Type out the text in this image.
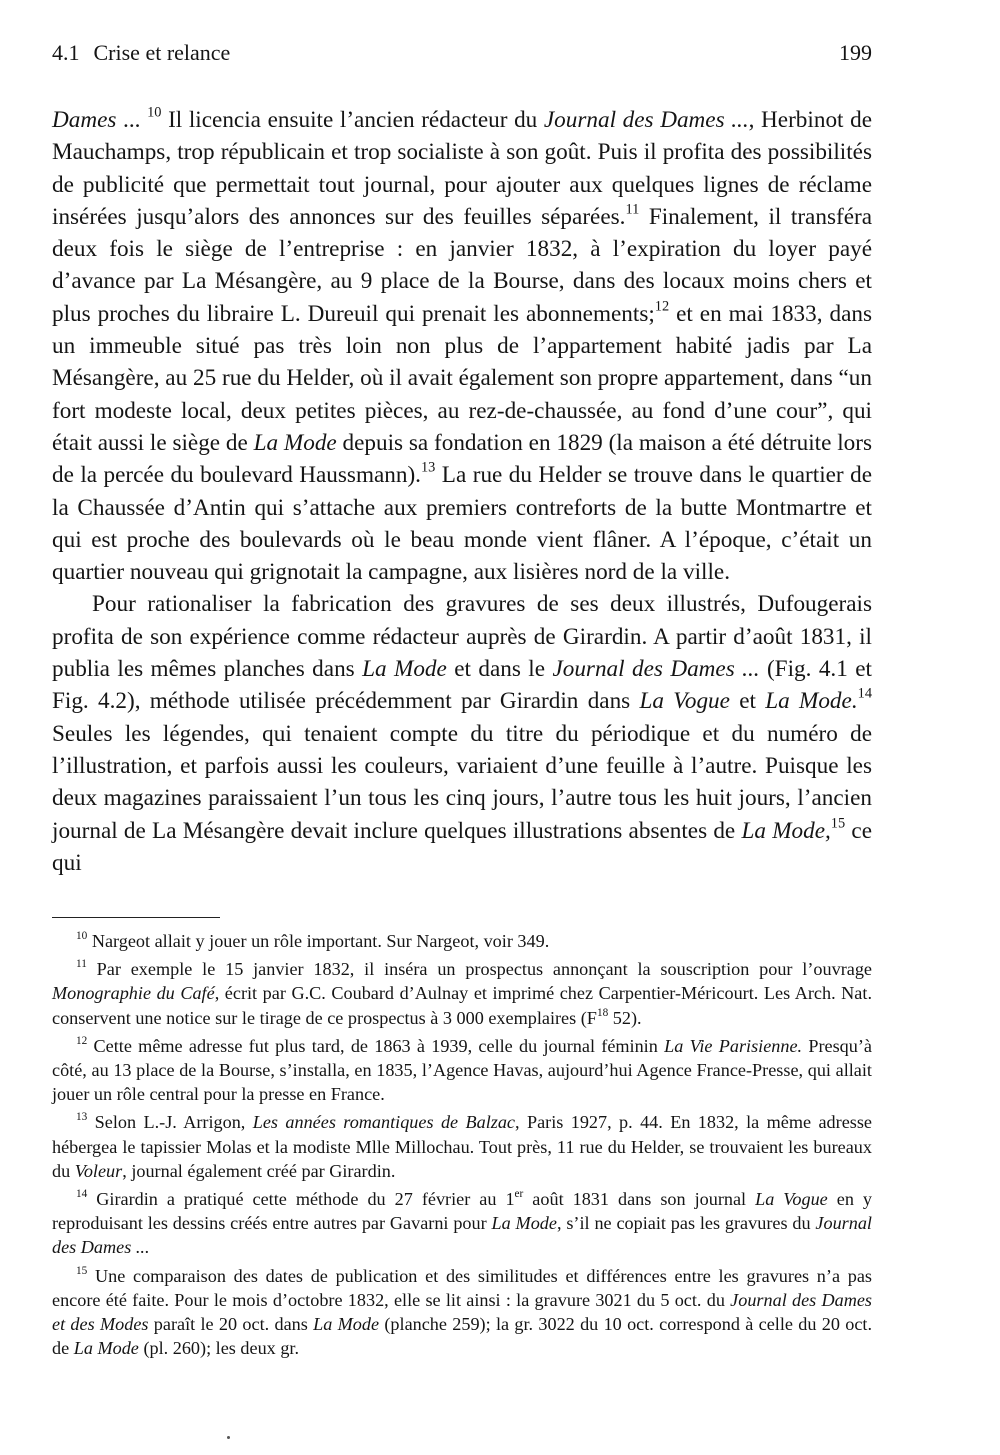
4.1 Crise et relance	199

Dames ... $^{10}$ Il licencia ensuite l’ancien rédacteur du Journal des Dames ..., Herbinot de Mauchamps, trop républicain et trop socialiste à son goût. Puis il profita des possibilités de publicité que permettait tout journal, pour ajouter aux quelques lignes de réclame insérées jusqu’alors des annonces sur des feuilles séparées.$^{11}$ Finalement, il transféra deux fois le siège de l’entreprise : en janvier 1832, à l’expiration du loyer payé d’avance par La Mésangère, au 9 place de la Bourse, dans des locaux moins chers et plus proches du libraire L. Dureuil qui prenait les abonnements;$^{12}$ et en mai 1833, dans un immeuble situé pas très loin non plus de l’appartement habité jadis par La Mésangère, au 25 rue du Helder, où il avait également son propre appartement, dans “un fort modeste local, deux petites pièces, au rez-de-chaussée, au fond d’une cour”, qui était aussi le siège de La Mode depuis sa fondation en 1829 (la maison a été détruite lors de la percée du boulevard Haussmann).$^{13}$ La rue du Helder se trouve dans le quartier de la Chaussée d’Antin qui s’attache aux premiers contreforts de la butte Montmartre et qui est proche des boulevards où le beau monde vient flâner. A l’époque, c’était un quartier nouveau qui grignotait la campagne, aux lisières nord de la ville.

Pour rationaliser la fabrication des gravures de ses deux illustrés, Dufougerais profita de son expérience comme rédacteur auprès de Girardin. A partir d’août 1831, il publia les mêmes planches dans La Mode et dans le Journal des Dames ... (Fig. 4.1 et Fig. 4.2), méthode utilisée précédemment par Girardin dans La Vogue et La Mode.$^{14}$ Seules les légendes, qui tenaient compte du titre du périodique et du numéro de l’illustration, et parfois aussi les couleurs, variaient d’une feuille à l’autre. Puisque les deux magazines paraissaient l’un tous les cinq jours, l’autre tous les huit jours, l’ancien journal de La Mésangère devait inclure quelques illustrations absentes de La Mode,$^{15}$ ce qui

$^{10}$ Nargeot allait y jouer un rôle important. Sur Nargeot, voir 349.

$^{11}$ Par exemple le 15 janvier 1832, il inséra un prospectus annonçant la souscription pour l’ouvrage Monographie du Café, écrit par G.C. Coubard d’Aulnay et imprimé chez Carpentier-Méricourt. Les Arch. Nat. conservent une notice sur le tirage de ce prospectus à 3 000 exemplaires ($F^{18}$ 52).

$^{12}$ Cette même adresse fut plus tard, de 1863 à 1939, celle du journal féminin La Vie Parisienne. Presqu’à côté, au 13 place de la Bourse, s’installa, en 1835, l’Agence Havas, aujourd’hui Agence France-Presse, qui allait jouer un rôle central pour la presse en France.

$^{13}$ Selon L.-J. Arrigon, Les années romantiques de Balzac, Paris 1927, p. 44. En 1832, la même adresse hébergea le tapissier Molas et la modiste Mlle Millochau. Tout près, 11 rue du Helder, se trouvaient les bureaux du Voleur, journal également créé par Girardin.

$^{14}$ Girardin a pratiqué cette méthode du 27 février au 1er août 1831 dans son journal La Vogue en y reproduisant les dessins créés entre autres par Gavarni pour La Mode, s’il ne copiait pas les gravures du Journal des Dames ...

$^{15}$ Une comparaison des dates de publication et des similitudes et différences entre les gravures n’a pas encore été faite. Pour le mois d’octobre 1832, elle se lit ainsi : la gravure 3021 du 5 oct. du Journal des Dames et des Modes paraît le 20 oct. dans La Mode (planche 259); la gr. 3022 du 10 oct. correspond à celle du 20 oct. de La Mode (pl. 260); les deux gr.
